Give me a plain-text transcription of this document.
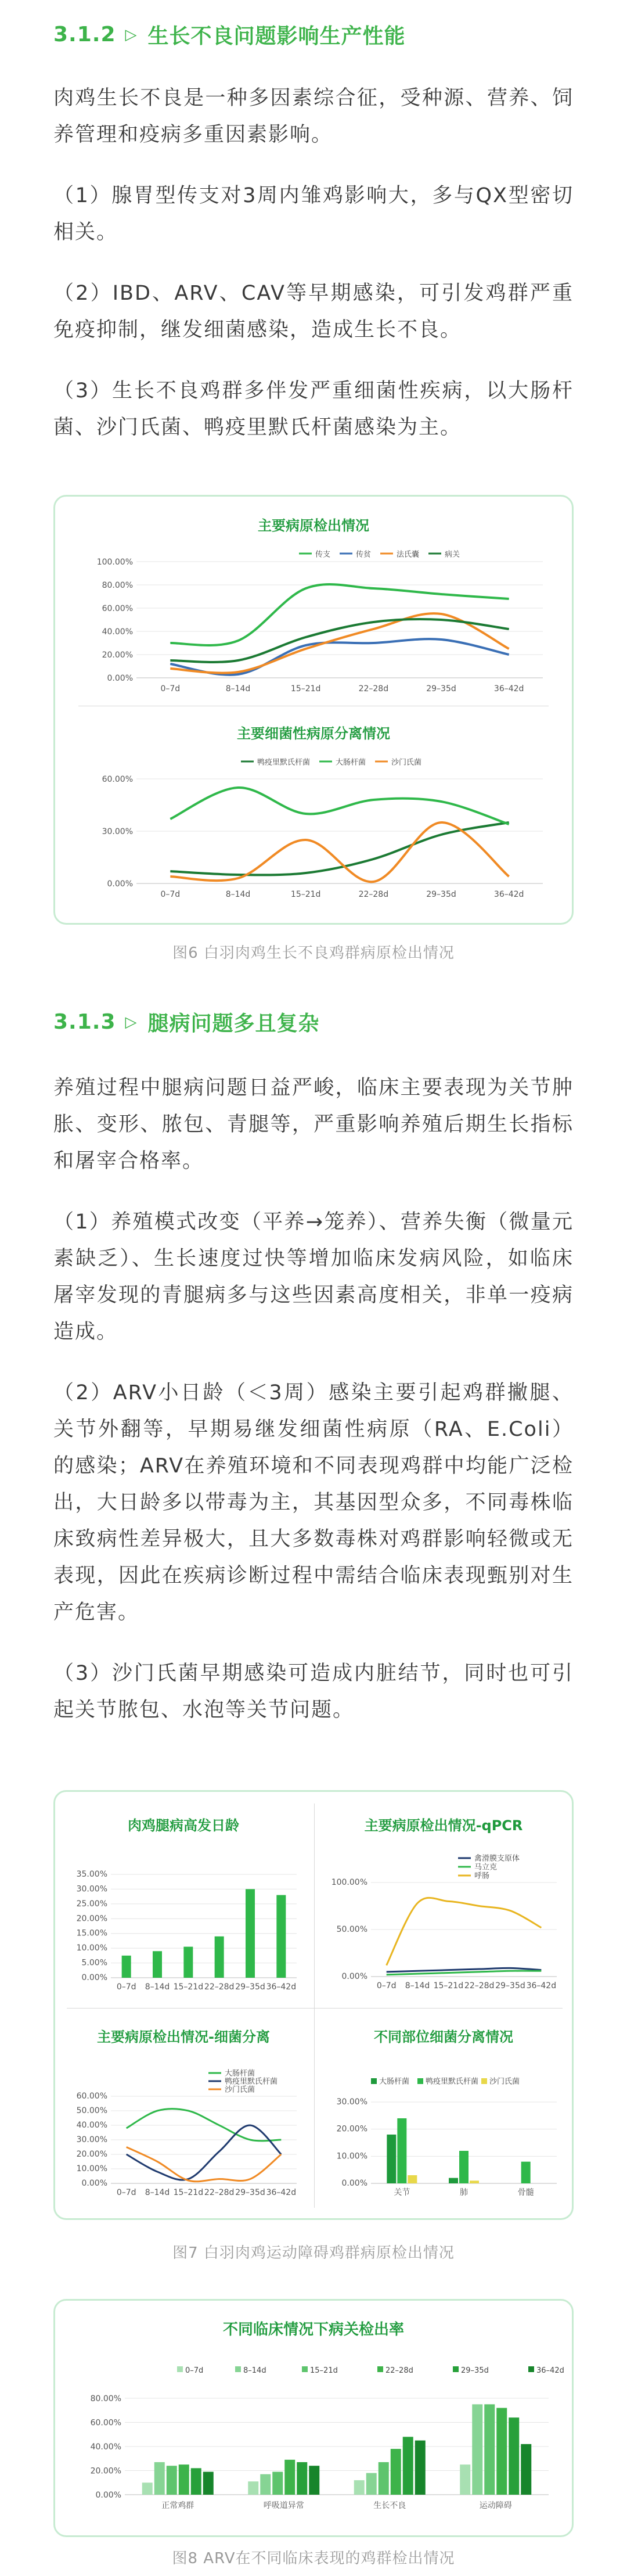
3.1.2 ▷ 生长不良问题影响生产性能

肉鸡生长不良是一种多因素综合征，受种源、营养、饲养管理和疫病多重因素影响。

（1）腺胃型传支对3周内雏鸡影响大，多与QX型密切相关。

（2）IBD、ARV、CAV等早期感染，可引发鸡群严重免疫抑制，继发细菌感染，造成生长不良。

（3）生长不良鸡群多伴发严重细菌性疾病，以大肠杆菌、沙门氏菌、鸭疫里默氏杆菌感染为主。

主要病原检出情况
100.00%
80.00%
60.00%
40.00%
20.00%
0.00%
0–7d	8–14d	15–21d	22–28d	29–35d	36–42d
传支	传贫	法氏囊	病关
主要细菌性病原分离情况
60.00%
30.00%
0.00%
0–7d	8–14d	15–21d	22–28d	29–35d	36–42d
鸭疫里默氏杆菌	大肠杆菌	沙门氏菌
图6 白羽肉鸡生长不良鸡群病原检出情况
3.1.3 ▷ 腿病问题多且复杂

养殖过程中腿病问题日益严峻，临床主要表现为关节肿胀、变形、脓包、青腿等，严重影响养殖后期生长指标和屠宰合格率。

（1）养殖模式改变（平养→笼养）、营养失衡（微量元素缺乏）、生长速度过快等增加临床发病风险，如临床屠宰发现的青腿病多与这些因素高度相关，非单一疫病造成。

（2）ARV小日龄（＜3周）感染主要引起鸡群撇腿、关节外翻等，早期易继发细菌性病原（RA、E.Coli）的感染；ARV在养殖环境和不同表现鸡群中均能广泛检出，大日龄多以带毒为主，其基因型众多，不同毒株临床致病性差异极大，且大多数毒株对鸡群影响轻微或无表现，因此在疾病诊断过程中需结合临床表现甄别对生产危害。

（3）沙门氏菌早期感染可造成内脏结节，同时也可引起关节脓包、水泡等关节问题。

肉鸡腿病高发日龄
35.00%
30.00%
25.00%
20.00%
15.00%
10.00%
5.00%
0.00%
0–7d 8–14d 15–21d 22–28d 29–35d 36–42d
主要病原检出情况-qPCR
100.00%
50.00%
0.00%
0–7d 8–14d 15–21d 22–28d 29–35d 36–42d
禽滑膜支原体
马立克
呼肠
主要病原检出情况-细菌分离
60.00%
50.00%
40.00%
30.00%
20.00%
10.00%
0.00%
0–7d 8–14d 15–21d 22–28d 29–35d 36–42d
大肠杆菌
鸭疫里默氏杆菌
沙门氏菌
不同部位细菌分离情况
30.00%
20.00%
10.00%
0.00%
关节	肺	骨髓
大肠杆菌 鸭疫里默氏杆菌 沙门氏菌
图7 白羽肉鸡运动障碍鸡群病原检出情况
不同临床情况下病关检出率
80.00%
60.00%
40.00%
20.00%
0.00%
正常鸡群	呼吸道异常	生长不良	运动障碍
0–7d	8–14d	15–21d	22–28d	29–35d	36–42d
图8 ARV在不同临床表现的鸡群检出情况
